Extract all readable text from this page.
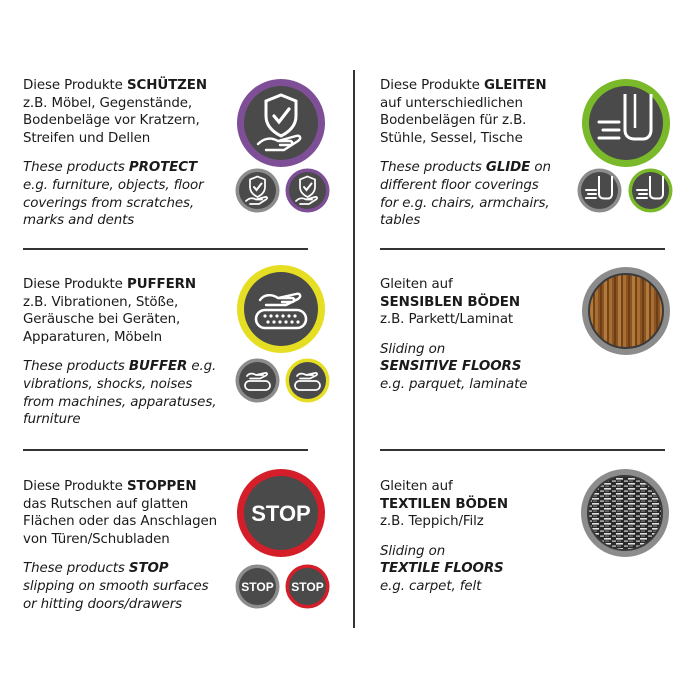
Diese Produkte SCHÜTZEN
z.B. Möbel, Gegenstände,
Bodenbeläge vor Kratzern,
Streifen und Dellen

These products PROTECT
e.g. furniture, objects, floor
coverings from scratches,
marks and dents

Diese Produkte PUFFERN
z.B. Vibrationen, Stöße,
Geräusche bei Geräten,
Apparaturen, Möbeln

These products BUFFER e.g.
vibrations, shocks, noises
from machines, apparatuses,
furniture

Diese Produkte STOPPEN
das Rutschen auf glatten
Flächen oder das Anschlagen
von Türen/Schubladen

These products STOP
slipping on smooth surfaces
or hitting doors/drawers

STOP
STOP STOP

Diese Produkte GLEITEN
auf unterschiedlichen
Bodenbelägen für z.B.
Stühle, Sessel, Tische

These products GLIDE on
different floor coverings
for e.g. chairs, armchairs,
tables

Gleiten auf
SENSIBLEN BÖDEN
z.B. Parkett/Laminat

Sliding on
SENSITIVE FLOORS
e.g. parquet, laminate

Gleiten auf
TEXTILEN BÖDEN
z.B. Teppich/Filz

Sliding on
TEXTILE FLOORS
e.g. carpet, felt
